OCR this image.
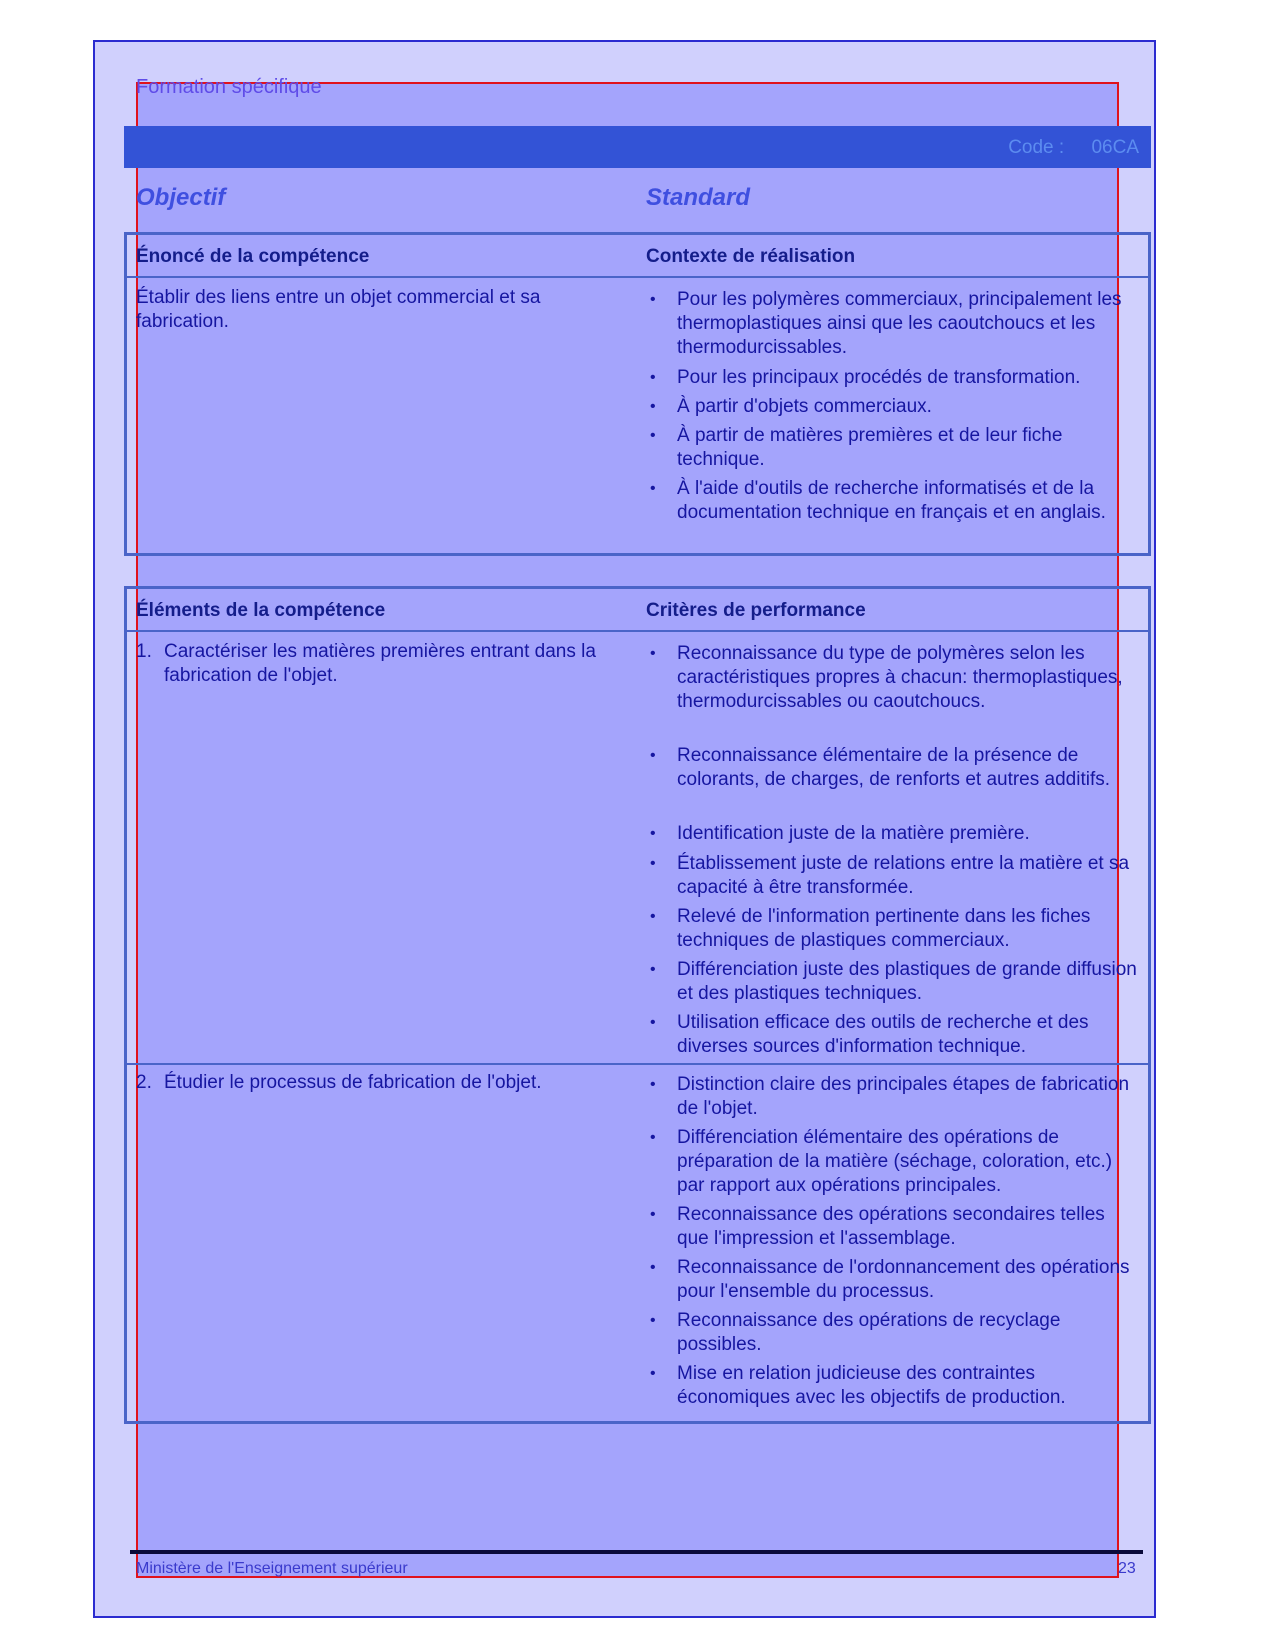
Formation spécifique
Code : 06CA
Objectif	Standard
Énoncé de la compétence	Contexte de réalisation
Établir des liens entre un objet commercial et sa fabrication.
• Pour les polymères commerciaux, principalement les thermoplastiques ainsi que les caoutchoucs et les thermodurcissables.
• Pour les principaux procédés de transformation.
• À partir d'objets commerciaux.
• À partir de matières premières et de leur fiche technique.
• À l'aide d'outils de recherche informatisés et de la documentation technique en français et en anglais.
Éléments de la compétence	Critères de performance
1. Caractériser les matières premières entrant dans la fabrication de l'objet.
• Reconnaissance du type de polymères selon les caractéristiques propres à chacun: thermoplastiques, thermodurcissables ou caoutchoucs.
• Reconnaissance élémentaire de la présence de colorants, de charges, de renforts et autres additifs.
• Identification juste de la matière première.
• Établissement juste de relations entre la matière et sa capacité à être transformée.
• Relevé de l'information pertinente dans les fiches techniques de plastiques commerciaux.
• Différenciation juste des plastiques de grande diffusion et des plastiques techniques.
• Utilisation efficace des outils de recherche et des diverses sources d'information technique.
2. Étudier le processus de fabrication de l'objet.	• Distinction claire des principales étapes de fabrication de l'objet.
• Différenciation élémentaire des opérations de préparation de la matière (séchage, coloration, etc.) par rapport aux opérations principales.
• Reconnaissance des opérations secondaires telles que l'impression et l'assemblage.
• Reconnaissance de l'ordonnancement des opérations pour l'ensemble du processus.
• Reconnaissance des opérations de recyclage possibles.
• Mise en relation judicieuse des contraintes économiques avec les objectifs de production.
Ministère de l'Enseignement supérieur	23
